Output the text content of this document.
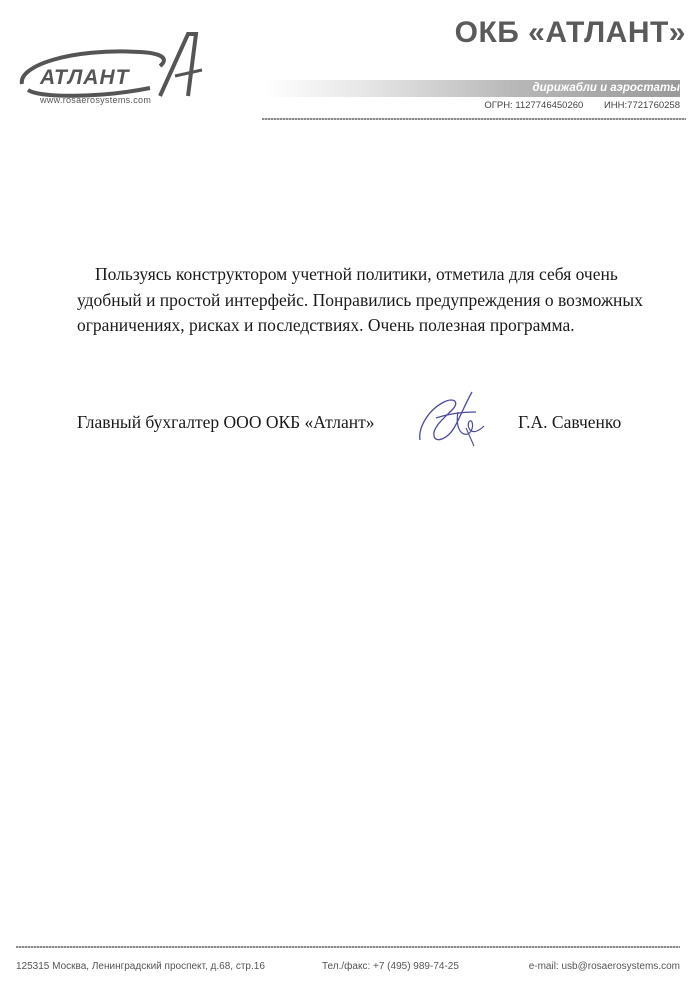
АТЛАНТ
www.rosaerosystems.com
ОКБ «АТЛАНТ»
дирижабли и аэростаты
ОГРН: 1127746450260 ИНН:7721760258
Пользуясь конструктором учетной политики, отметила для себя очень удобный и простой интерфейс. Понравились предупреждения о возможных ограничениях, рисках и последствиях. Очень полезная программа.
Главный бухгалтер ООО ОКБ «Атлант»	Г.А. Савченко
125315 Москва, Ленинградский проспект, д.68, стр.16	Тел./факс: +7 (495) 989-74-25	e-mail: usb@rosaerosystems.com
